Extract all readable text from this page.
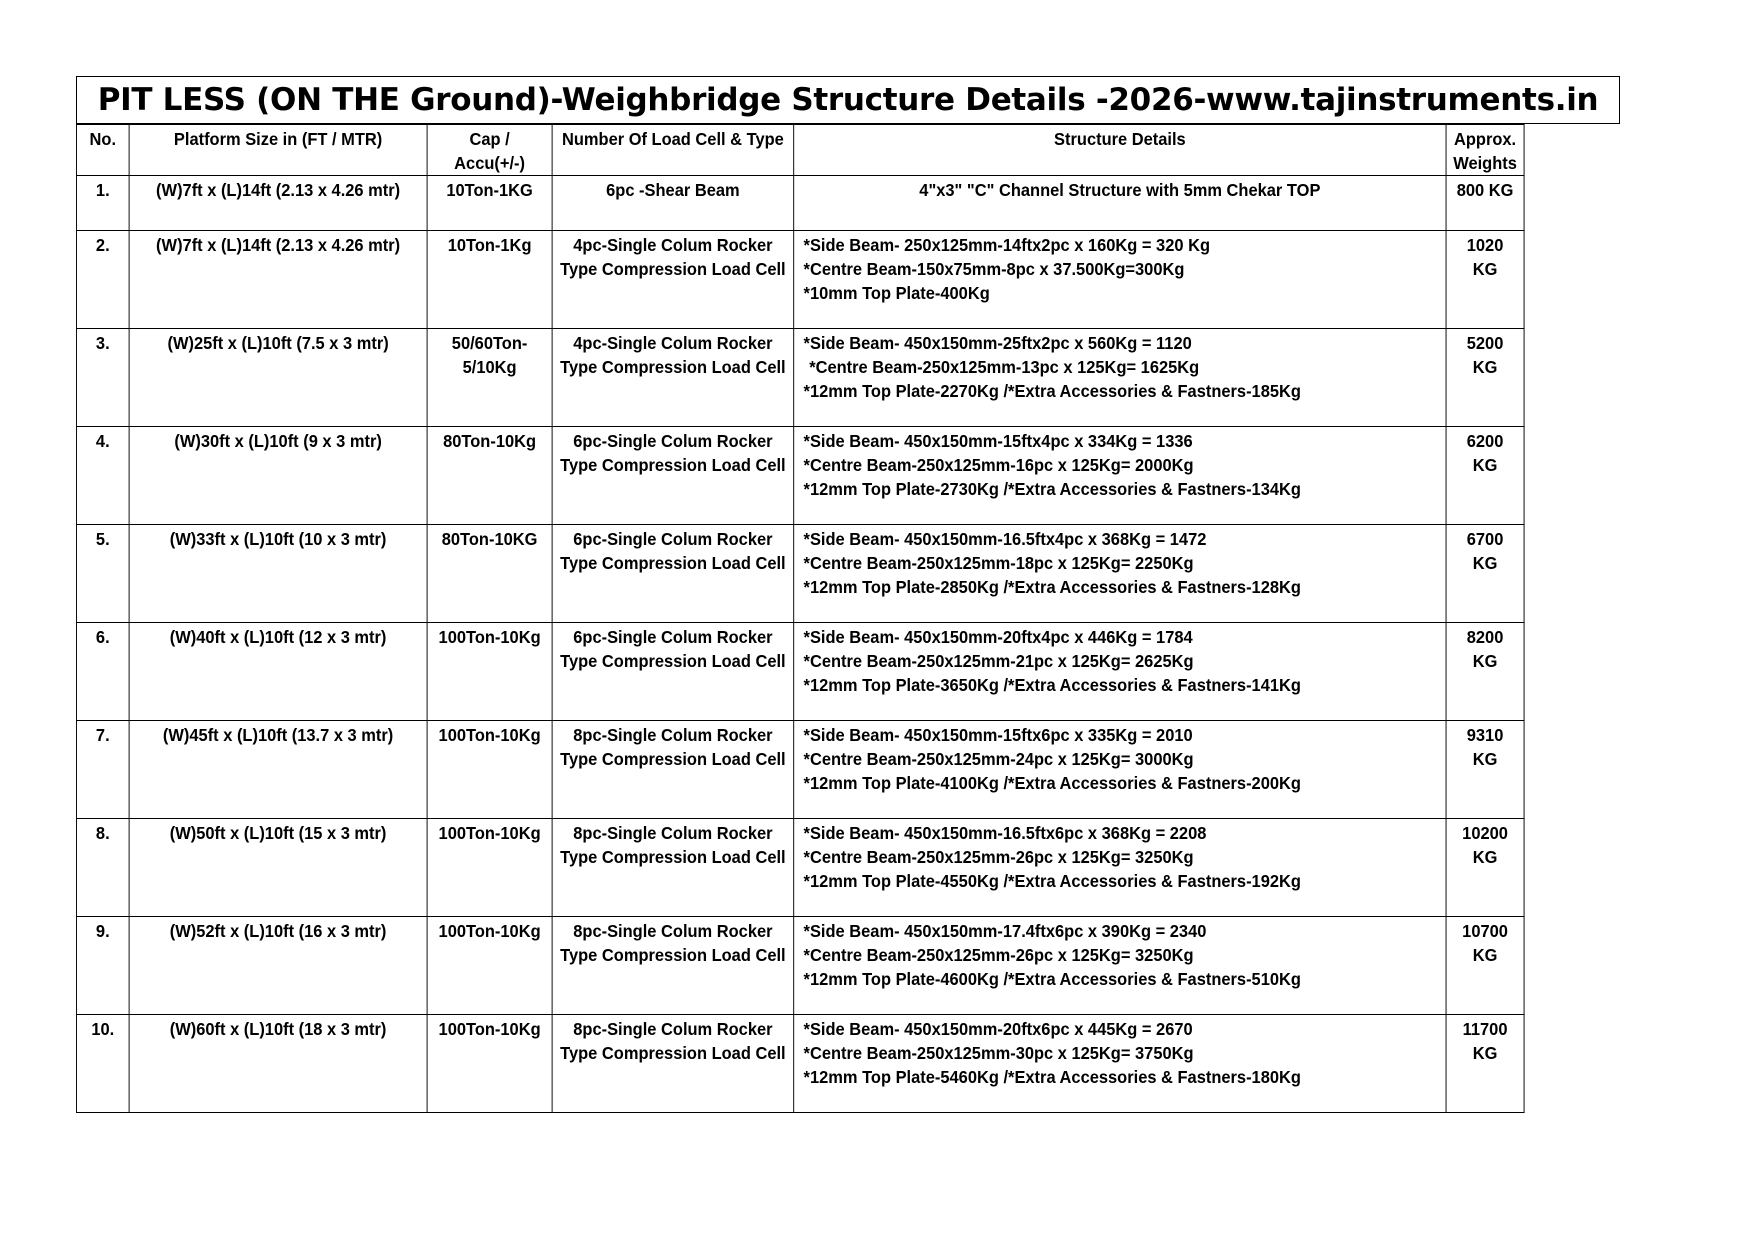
PIT LESS (ON THE Ground)-Weighbridge Structure Details -2026-www.tajinstruments.in
No.	Platform Size in (FT / MTR)	Cap / Accu(+/-)	Number Of Load Cell & Type	Structure Details	Approx. Weights
1.	(W)7ft x (L)14ft (2.13 x 4.26 mtr)	10Ton-1KG	6pc -Shear Beam	4"x3" "C" Channel Structure with 5mm Chekar TOP	800 KG
2.	(W)7ft x (L)14ft (2.13 x 4.26 mtr)	10Ton-1Kg	4pc-Single Colum Rocker Type Compression Load Cell	*Side Beam- 250x125mm-14ftx2pc x 160Kg = 320 Kg
*Centre Beam-150x75mm-8pc x 37.500Kg=300Kg
*10mm Top Plate-400Kg	1020 KG
3.	(W)25ft x (L)10ft (7.5 x 3 mtr)	50/60Ton-5/10Kg	4pc-Single Colum Rocker Type Compression Load Cell	*Side Beam- 450x150mm-25ftx2pc x 560Kg = 1120
*Centre Beam-250x125mm-13pc x 125Kg= 1625Kg
*12mm Top Plate-2270Kg /*Extra Accessories & Fastners-185Kg	5200 KG
4.	(W)30ft x (L)10ft (9 x 3 mtr)	80Ton-10Kg	6pc-Single Colum Rocker Type Compression Load Cell	*Side Beam- 450x150mm-15ftx4pc x 334Kg = 1336
*Centre Beam-250x125mm-16pc x 125Kg= 2000Kg
*12mm Top Plate-2730Kg /*Extra Accessories & Fastners-134Kg	6200 KG
5.	(W)33ft x (L)10ft (10 x 3 mtr)	80Ton-10KG	6pc-Single Colum Rocker Type Compression Load Cell	*Side Beam- 450x150mm-16.5ftx4pc x 368Kg = 1472
*Centre Beam-250x125mm-18pc x 125Kg= 2250Kg
*12mm Top Plate-2850Kg /*Extra Accessories & Fastners-128Kg	6700 KG
6.	(W)40ft x (L)10ft (12 x 3 mtr)	100Ton-10Kg	6pc-Single Colum Rocker Type Compression Load Cell	*Side Beam- 450x150mm-20ftx4pc x 446Kg = 1784
*Centre Beam-250x125mm-21pc x 125Kg= 2625Kg
*12mm Top Plate-3650Kg /*Extra Accessories & Fastners-141Kg	8200 KG
7.	(W)45ft x (L)10ft (13.7 x 3 mtr)	100Ton-10Kg	8pc-Single Colum Rocker Type Compression Load Cell	*Side Beam- 450x150mm-15ftx6pc x 335Kg = 2010
*Centre Beam-250x125mm-24pc x 125Kg= 3000Kg
*12mm Top Plate-4100Kg /*Extra Accessories & Fastners-200Kg	9310 KG
8.	(W)50ft x (L)10ft (15 x 3 mtr)	100Ton-10Kg	8pc-Single Colum Rocker Type Compression Load Cell	*Side Beam- 450x150mm-16.5ftx6pc x 368Kg = 2208
*Centre Beam-250x125mm-26pc x 125Kg= 3250Kg
*12mm Top Plate-4550Kg /*Extra Accessories & Fastners-192Kg	10200 KG
9.	(W)52ft x (L)10ft (16 x 3 mtr)	100Ton-10Kg	8pc-Single Colum Rocker Type Compression Load Cell	*Side Beam- 450x150mm-17.4ftx6pc x 390Kg = 2340
*Centre Beam-250x125mm-26pc x 125Kg= 3250Kg
*12mm Top Plate-4600Kg /*Extra Accessories & Fastners-510Kg	10700 KG
10.	(W)60ft x (L)10ft (18 x 3 mtr)	100Ton-10Kg	8pc-Single Colum Rocker Type Compression Load Cell	*Side Beam- 450x150mm-20ftx6pc x 445Kg = 2670
*Centre Beam-250x125mm-30pc x 125Kg= 3750Kg
*12mm Top Plate-5460Kg /*Extra Accessories & Fastners-180Kg	11700 KG
